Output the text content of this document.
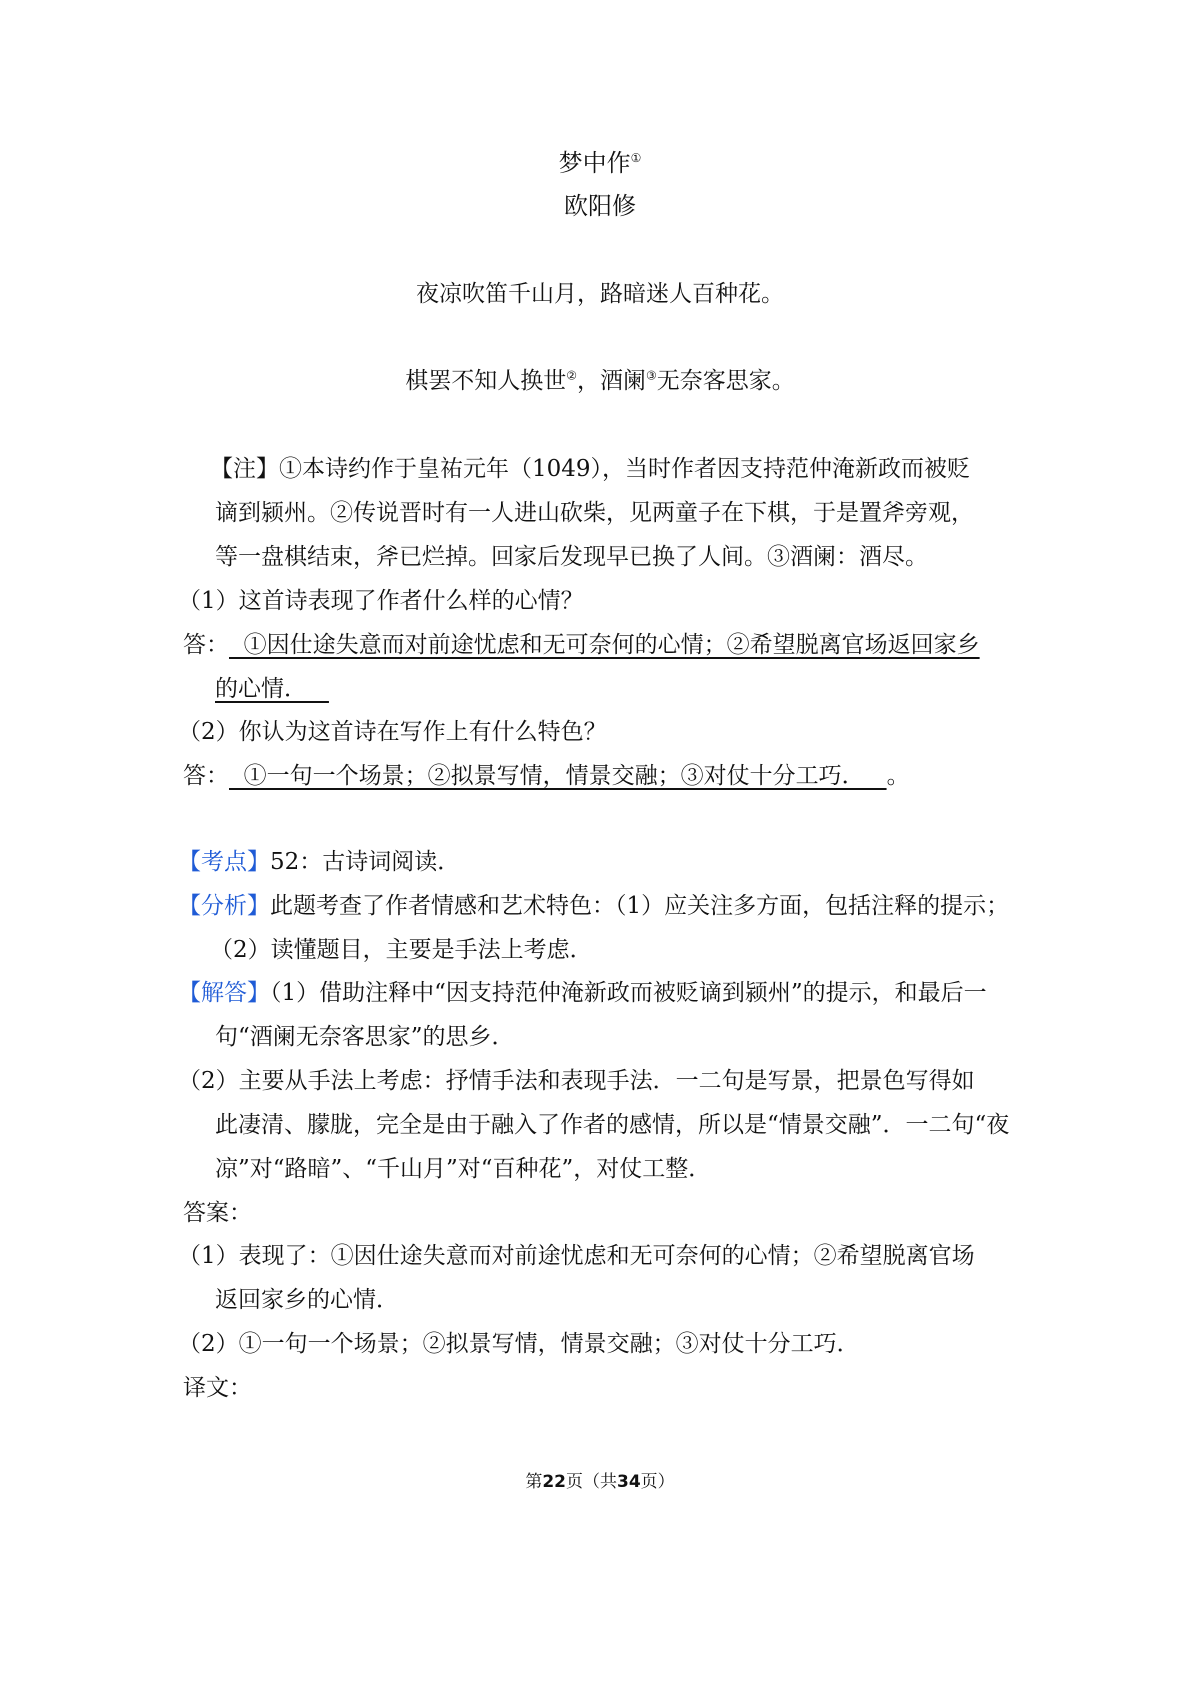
梦中作①
欧阳修
夜凉吹笛千山月，路暗迷人百种花。
棋罢不知人换世②，酒阑③无奈客思家。
【注】①本诗约作于皇祐元年（1049），当时作者因支持范仲淹新政而被贬
谪到颍州。②传说晋时有一人进山砍柴，见两童子在下棋，于是置斧旁观，
等一盘棋结束，斧已烂掉。回家后发现早已换了人间。③酒阑：酒尽。
（1）这首诗表现了作者什么样的心情？
答：  ①因仕途失意而对前途忧虑和无可奈何的心情；②希望脱离官场返回家乡
的心情．
（2）你认为这首诗在写作上有什么特色？
答：  ①一句一个场景；②拟景写情，情景交融；③对仗十分工巧．   。
【考点】52：古诗词阅读．
【分析】此题考查了作者情感和艺术特色：（1）应关注多方面，包括注释的提示；
（2）读懂题目，主要是手法上考虑．
【解答】（1）借助注释中“因支持范仲淹新政而被贬谪到颍州”的提示，和最后一
句“酒阑无奈客思家”的思乡．
（2）主要从手法上考虑：抒情手法和表现手法．一二句是写景，把景色写得如
此凄清、朦胧，完全是由于融入了作者的感情，所以是“情景交融”．一二句“夜
凉”对“路暗”、“千山月”对“百种花”，对仗工整．
答案：
（1）表现了：①因仕途失意而对前途忧虑和无可奈何的心情；②希望脱离官场
返回家乡的心情．
（2）①一句一个场景；②拟景写情，情景交融；③对仗十分工巧．
译文：
第22页（共34页）
